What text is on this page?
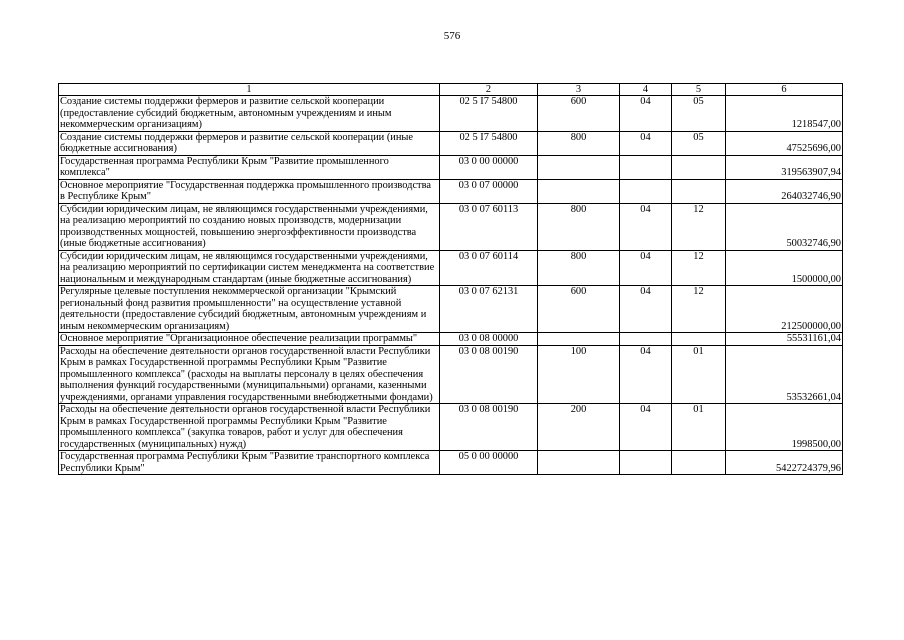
576
1	2	3	4	5	6
Создание системы поддержки фермеров и развитие сельской кооперации (предоставление субсидий бюджетным, автономным учреждениям и иным некоммерческим организациям)	02 5 I7 54800	600	04	05	1218547,00
Создание системы поддержки фермеров и развитие сельской кооперации (иные бюджетные ассигнования)	02 5 I7 54800	800	04	05	47525696,00
Государственная программа Республики Крым "Развитие промышленного комплекса"	03 0 00 00000				319563907,94
Основное мероприятие "Государственная поддержка промышленного производства в Республике Крым"	03 0 07 00000				264032746,90
Субсидии юридическим лицам, не являющимся государственными учреждениями, на реализацию мероприятий по созданию новых производств, модернизации производственных мощностей, повышению энергоэффективности производства (иные бюджетные ассигнования)	03 0 07 60113	800	04	12	50032746,90
Субсидии юридическим лицам, не являющимся государственными учреждениями, на реализацию мероприятий по сертификации систем менеджмента на соответствие национальным и международным стандартам (иные бюджетные ассигнования)	03 0 07 60114	800	04	12	1500000,00
Регулярные целевые поступления некоммерческой организации "Крымский региональный фонд развития промышленности" на осуществление уставной деятельности (предоставление субсидий бюджетным, автономным учреждениям и иным некоммерческим организациям)	03 0 07 62131	600	04	12	212500000,00
Основное мероприятие "Организационное обеспечение реализации программы"	03 0 08 00000				55531161,04
Расходы на обеспечение деятельности органов государственной власти Республики Крым в рамках Государственной программы Республики Крым "Развитие промышленного комплекса" (расходы на выплаты персоналу в целях обеспечения выполнения функций государственными (муниципальными) органами, казенными учреждениями, органами управления государственными внебюджетными фондами)	03 0 08 00190	100	04	01	53532661,04
Расходы на обеспечение деятельности органов государственной власти Республики Крым в рамках Государственной программы Республики Крым "Развитие промышленного комплекса" (закупка товаров, работ и услуг для обеспечения государственных (муниципальных) нужд)	03 0 08 00190	200	04	01	1998500,00
Государственная программа Республики Крым "Развитие транспортного комплекса Республики Крым"	05 0 00 00000				5422724379,96
